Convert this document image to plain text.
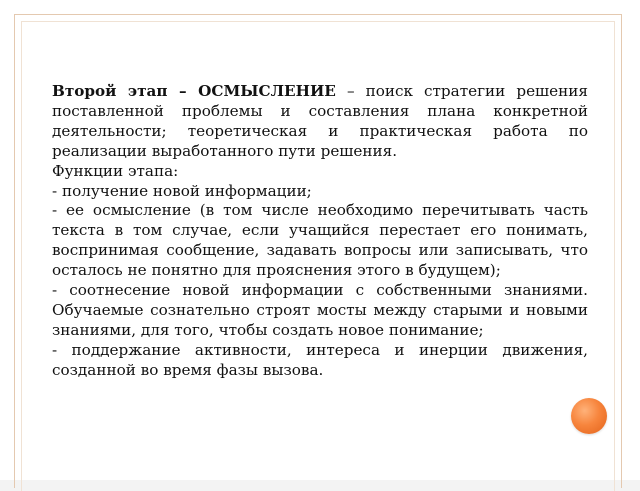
Второй этап – ОСМЫСЛЕНИЕ – поиск стратегии решения поставленной проблемы и составления плана конкретной деятельности; теоретическая и практическая работа по реализации выработанного пути решения.

Функции этапа:

- получение новой информации;

- ее осмысление (в том числе необходимо перечитывать часть текста в том случае, если учащийся перестает его понимать, воспринимая сообщение, задавать вопросы или записывать, что осталось не понятно для прояснения этого в будущем);

- соотнесение новой информации с собственными знаниями. Обучаемые сознательно строят мосты между старыми и новыми знаниями, для того, чтобы создать новое понимание;

- поддержание активности, интереса и инерции движения, созданной во время фазы вызова.
